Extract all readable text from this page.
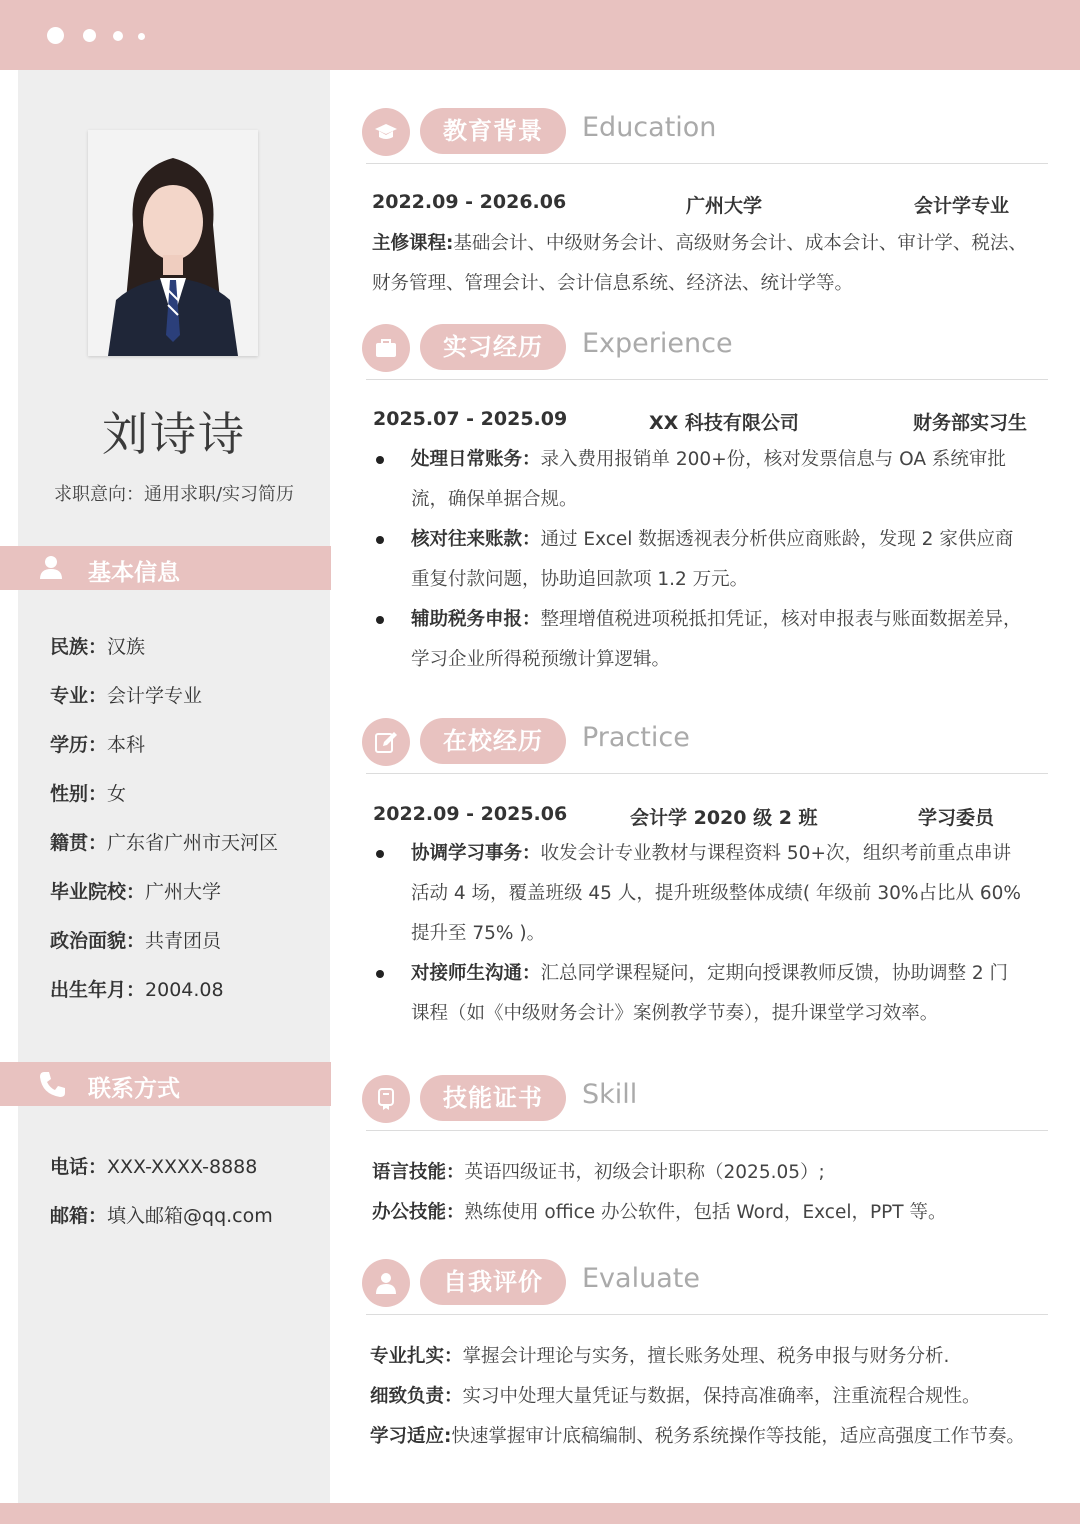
刘诗诗
求职意向：通用求职/实习简历
基本信息
民族：汉族
专业：会计学专业
学历：本科
性别：女
籍贯：广东省广州市天河区
毕业院校：广州大学
政治面貌：共青团员
出生年月：2004.08
联系方式
电话：XXX-XXXX-8888
邮箱：填入邮箱@qq.com
教育背景	Education
2022.09 - 2026.06	广州大学	会计学专业
主修课程:基础会计、中级财务会计、高级财务会计、成本会计、审计学、税法、
财务管理、管理会计、会计信息系统、经济法、统计学等。
实习经历	Experience
2025.07 - 2025.09	XX 科技有限公司	财务部实习生
处理日常账务：录入费用报销单 200+份，核对发票信息与 OA 系统审批
流，确保单据合规。
核对往来账款：通过 Excel 数据透视表分析供应商账龄，发现 2 家供应商
重复付款问题，协助追回款项 1.2 万元。
辅助税务申报：整理增值税进项税抵扣凭证，核对申报表与账面数据差异，
学习企业所得税预缴计算逻辑。
在校经历	Practice
2022.09 - 2025.06	会计学 2020 级 2 班	学习委员
协调学习事务：收发会计专业教材与课程资料 50+次，组织考前重点串讲
活动 4 场，覆盖班级 45 人，提升班级整体成绩( 年级前 30%占比从 60%
提升至 75% )。
对接师生沟通：汇总同学课程疑问，定期向授课教师反馈，协助调整 2 门
课程（如《中级财务会计》案例教学节奏），提升课堂学习效率。
技能证书	Skill
语言技能：英语四级证书，初级会计职称（2025.05）;
办公技能：熟练使用 office 办公软件，包括 Word，Excel，PPT 等。
自我评价	Evaluate
专业扎实：掌握会计理论与实务，擅长账务处理、税务申报与财务分析.
细致负责：实习中处理大量凭证与数据，保持高准确率，注重流程合规性。
学习适应:快速掌握审计底稿编制、税务系统操作等技能，适应高强度工作节奏。
